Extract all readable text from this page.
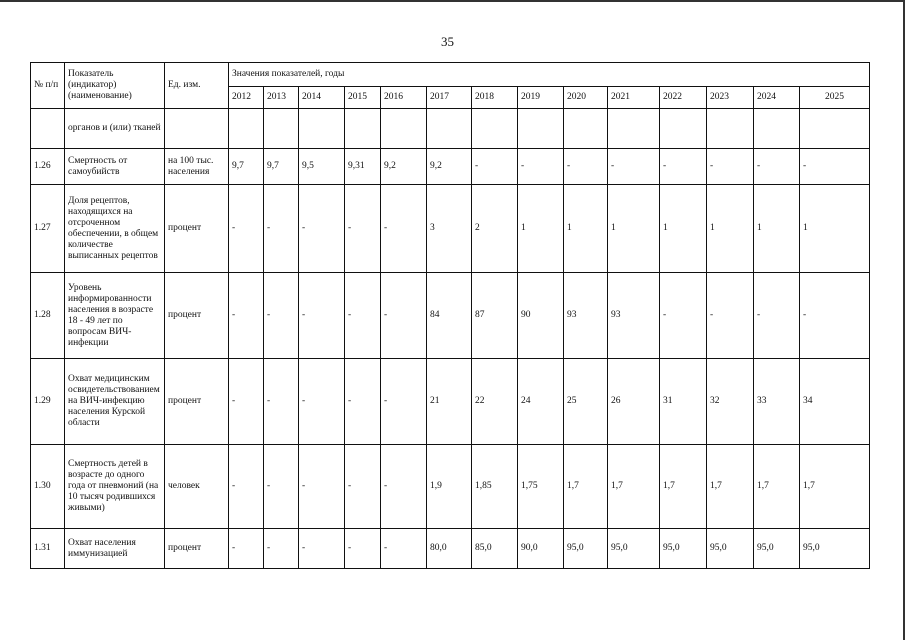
35
№ п/п	Показатель (индикатор) (наименование)	Ед. изм.	Значения показателей, годы													
			2012	2013	2014	2015	2016	2017	2018	2019	2020	2021	2022	2023	2024	2025
	органов и (или) тканей															
1.26	Смертность от самоубийств	на 100 тыс. населения	9,7	9,7	9,5	9,31	9,2	9,2	-	-	-	-	-	-	-	-
1.27	Доля рецептов, находящихся на отсроченном обеспечении, в общем количестве выписанных рецептов	процент	-	-	-	-	-	3	2	1	1	1	1	1	1	1
1.28	Уровень информированности населения в возрасте 18 - 49 лет по вопросам ВИЧ-инфекции	процент	-	-	-	-	-	84	87	90	93	93	-	-	-	-
1.29	Охват медицинским освидетельствованием на ВИЧ-инфекцию населения Курской области	процент	-	-	-	-	-	21	22	24	25	26	31	32	33	34
1.30	Смертность детей в возрасте до одного года от пневмоний (на 10 тысяч родившихся живыми)	человек	-	-	-	-	-	1,9	1,85	1,75	1,7	1,7	1,7	1,7	1,7	1,7
1.31	Охват населения иммунизацией	процент	-	-	-	-	-	80,0	85,0	90,0	95,0	95,0	95,0	95,0	95,0	95,0
